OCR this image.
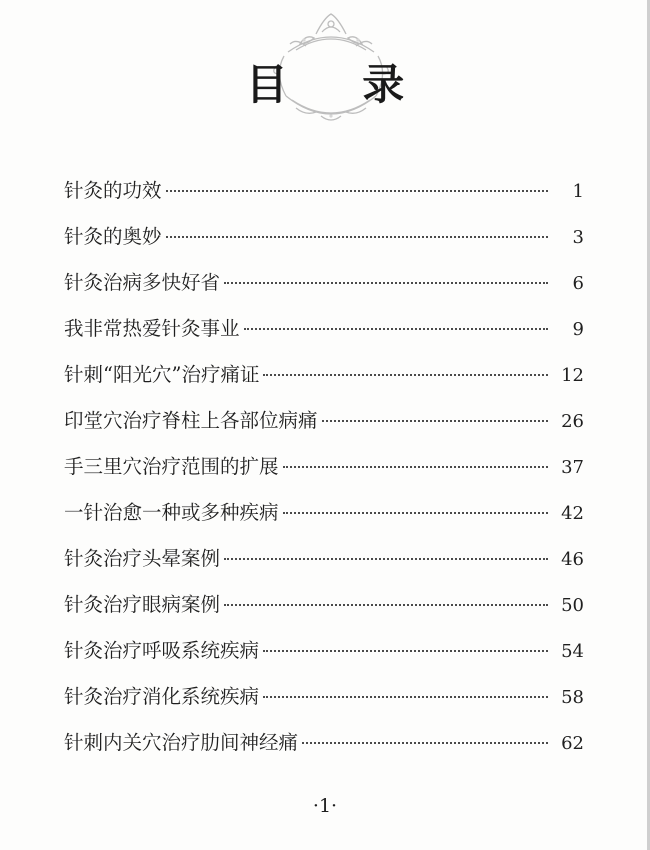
目 录
针灸的功效	1
针灸的奥妙	3
针灸治病多快好省	6
我非常热爱针灸事业	9
针刺“阳光穴”治疗痛证	12
印堂穴治疗脊柱上各部位病痛	26
手三里穴治疗范围的扩展	37
一针治愈一种或多种疾病	42
针灸治疗头晕案例	46
针灸治疗眼病案例	50
针灸治疗呼吸系统疾病	54
针灸治疗消化系统疾病	58
针刺内关穴治疗肋间神经痛	62
·1·
